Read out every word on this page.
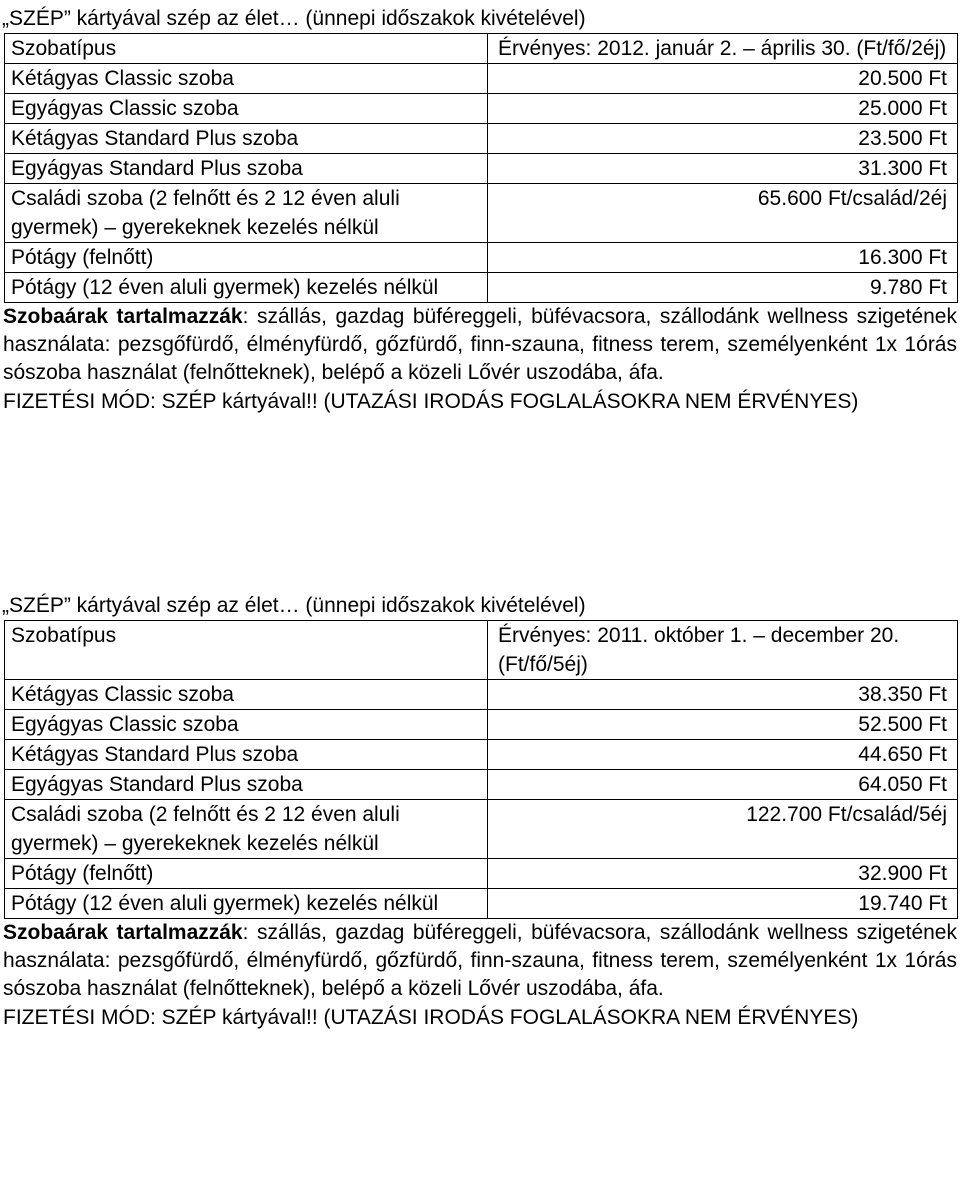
„SZÉP” kártyával szép az élet… (ünnepi időszakok kivételével)
Szobatípus	Érvényes: 2012. január 2. – április 30. (Ft/fő/2éj)
Kétágyas Classic szoba	20.500 Ft
Egyágyas Classic szoba	25.000 Ft
Kétágyas Standard Plus szoba	23.500 Ft
Egyágyas Standard Plus szoba	31.300 Ft
Családi szoba (2 felnőtt és 2 12 éven aluli gyermek) – gyerekeknek kezelés nélkül	65.600 Ft/család/2éj
Pótágy (felnőtt)	16.300 Ft
Pótágy (12 éven aluli gyermek) kezelés nélkül	9.780 Ft
Szobaárak tartalmazzák: szállás, gazdag büféreggeli, büfévacsora, szállodánk wellness szigetének használata: pezsgőfürdő, élményfürdő, gőzfürdő, finn-szauna, fitness terem, személyenként 1x 1órás sószoba használat (felnőtteknek), belépő a közeli Lővér uszodába, áfa.
FIZETÉSI MÓD: SZÉP kártyával!! (UTAZÁSI IRODÁS FOGLALÁSOKRA NEM ÉRVÉNYES)
„SZÉP” kártyával szép az élet… (ünnepi időszakok kivételével)
Szobatípus	Érvényes: 2011. október 1. – december 20. (Ft/fő/5éj)
Kétágyas Classic szoba	38.350 Ft
Egyágyas Classic szoba	52.500 Ft
Kétágyas Standard Plus szoba	44.650 Ft
Egyágyas Standard Plus szoba	64.050 Ft
Családi szoba (2 felnőtt és 2 12 éven aluli gyermek) – gyerekeknek kezelés nélkül	122.700 Ft/család/5éj
Pótágy (felnőtt)	32.900 Ft
Pótágy (12 éven aluli gyermek) kezelés nélkül	19.740 Ft
Szobaárak tartalmazzák: szállás, gazdag büféreggeli, büfévacsora, szállodánk wellness szigetének használata: pezsgőfürdő, élményfürdő, gőzfürdő, finn-szauna, fitness terem, személyenként 1x 1órás sószoba használat (felnőtteknek), belépő a közeli Lővér uszodába, áfa.
FIZETÉSI MÓD: SZÉP kártyával!! (UTAZÁSI IRODÁS FOGLALÁSOKRA NEM ÉRVÉNYES)
